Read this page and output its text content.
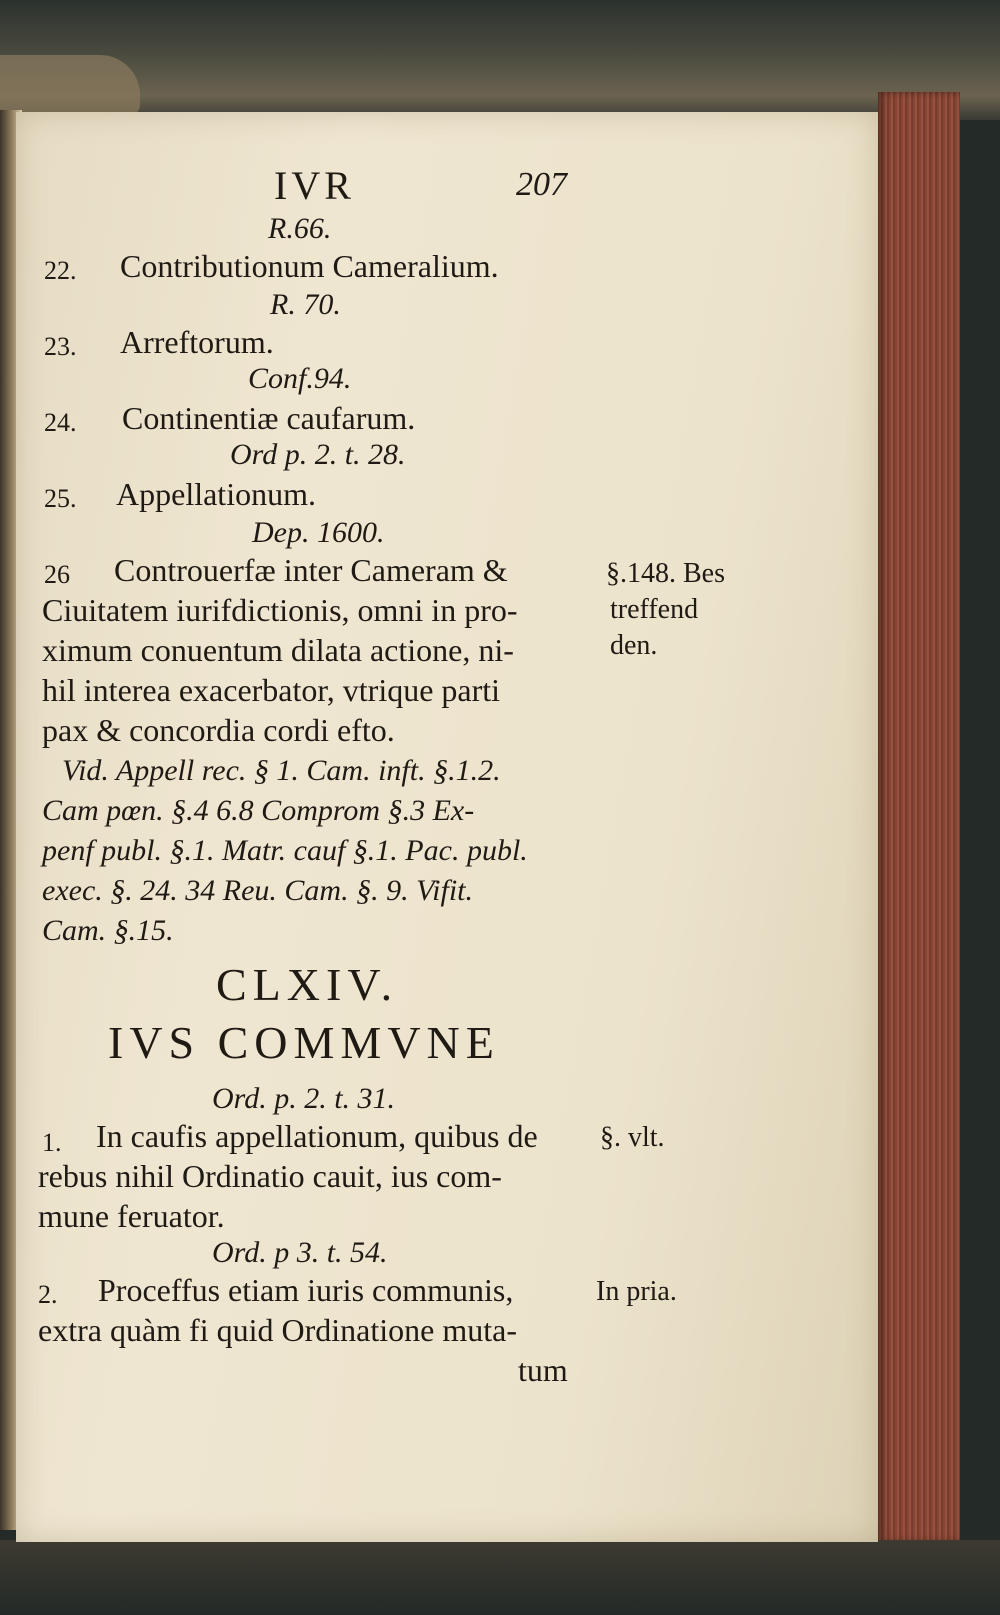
IVR	207
R.66.
22. Contributionum Cameralium.
R. 70.
23. Arreftorum.
Conf.94.
24. Continentiæ caufarum.
Ord p. 2. t. 28.
25. Appellationum.
Dep. 1600.
26 Controuerfæ inter Cameram &
Ciuitatem iurifdictionis, omni in pro-
ximum conuentum dilata actione, ni-
hil interea exacerbator, vtrique parti
pax & concordia cordi efto.
§.148. Bes
treffend
den.
Vid. Appell rec. § 1. Cam. inft. §.1.2.
Cam pœn. §.4 6.8 Comprom §.3 Ex-
penf publ. §.1. Matr. cauf §.1. Pac. publ.
exec. §. 24. 34 Reu. Cam. §. 9. Vifit.
Cam. §.15.
CLXIV.
IVS COMMVNE
Ord. p. 2. t. 31.
1. In caufis appellationum, quibus de
rebus nihil Ordinatio cauit, ius com-
mune feruator.
§. vlt.
Ord. p 3. t. 54.
2. Proceffus etiam iuris communis,
extra quàm fi quid Ordinatione muta-
In pria.
tum
